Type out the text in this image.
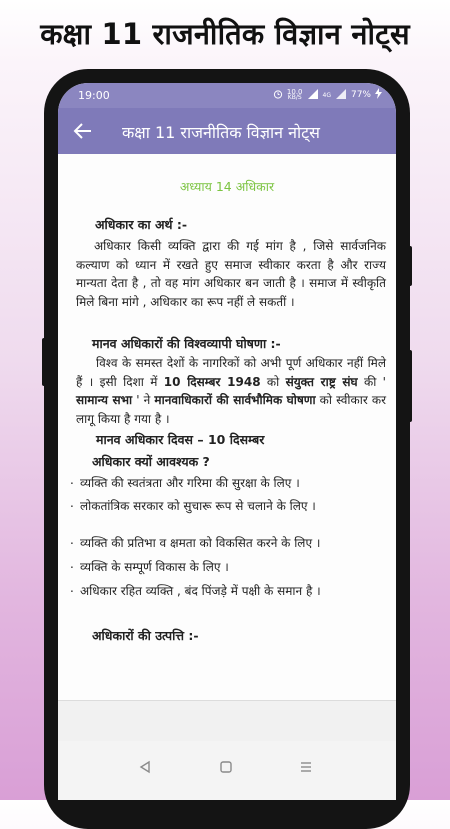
कक्षा 11 राजनीतिक विज्ञान नोट्स
19:00	10.0
KB/S	4G 77%
कक्षा 11 राजनीतिक विज्ञान नोट्स
अध्याय 14 अधिकार
अधिकार का अर्थ :-
अधिकार किसी व्यक्ति द्वारा की गई मांग है , जिसे सार्वजनिक कल्याण को ध्यान में रखते हुए समाज स्वीकार करता है और राज्य मान्यता देता है , तो वह मांग अधिकार बन जाती है । समाज में स्वीकृति मिले बिना मांगे , अधिकार का रूप नहीं ले सकतीं ।
मानव अधिकारों की विश्वव्यापी घोषणा :-
विश्व के समस्त देशों के नागरिकों को अभी पूर्ण अधिकार नहीं मिले हैं । इसी दिशा में 10 दिसम्बर 1948 को संयुक्त राष्ट्र संघ की ' सामान्य सभा ' ने मानवाधिकारों की सार्वभौमिक घोषणा को स्वीकार कर लागू किया है गया है ।
मानव अधिकार दिवस – 10 दिसम्बर
अधिकार क्यों आवश्यक ?
. व्यक्ति की स्वतंत्रता और गरिमा की सुरक्षा के लिए ।
. लोकतांत्रिक सरकार को सुचारू रूप से चलाने के लिए ।
. व्यक्ति की प्रतिभा व क्षमता को विकसित करने के लिए ।
. व्यक्ति के सम्पूर्ण विकास के लिए ।
. अधिकार रहित व्यक्ति , बंद पिंजड़े में पक्षी के समान है ।
अधिकारों की उत्पत्ति :-
